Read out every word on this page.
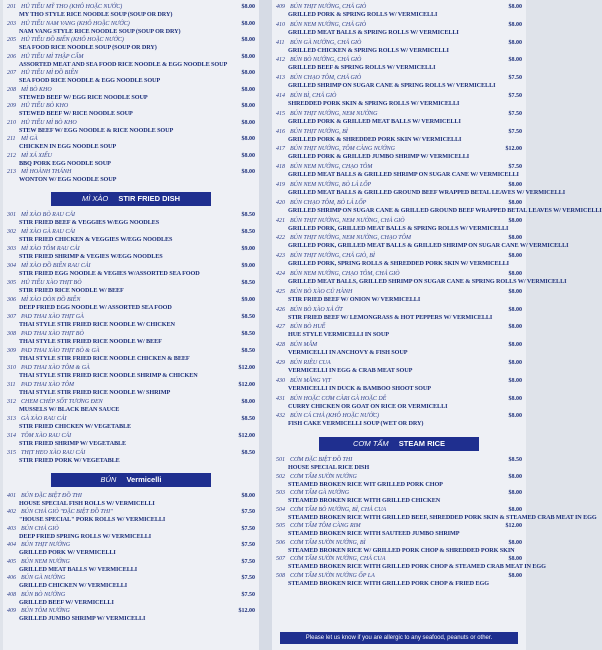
201 HỦ TIẾU MỸ THO (KHÔ HOẶC NƯỚC)
MY THO STYLE RICE NOODLE SOUP (SOUP OR DRY)
$8.00
203 HỦ TIẾU NAM VANG (KHÔ HOẶC NƯỚC)
NAM VANG STYLE RICE NOODLE SOUP (SOUP OR DRY)
$8.00
205 HỦ TIẾU ĐỒ BIỂN (KHÔ HOẶC NƯỚC)
SEA FOOD RICE NOODLE SOUP (SOUP OR DRY)
$8.00
206 HỦ TIẾU MÌ THẬP CẨM
ASSORTED MEAT AND SEA FOOD RICE NOODLE & EGG NOODLE SOUP
$8.00
207 HỦ TIẾU MÌ ĐỒ BIỂN
SEA FOOD RICE NOODLE & EGG NOODLE SOUP
$8.00
208 MÌ BÒ KHO
STEWED BEEF W/ EGG RICE NOODLE SOUP
$8.00
209 HỦ TIẾU BÒ KHO
STEWED BEEF W/ RICE NOODLE SOUP
$8.00
210 HỦ TIẾU MÌ BÒ KHO
STEW BEEF W/ EGG NOODLE & RICE NOODLE SOUP
$8.00
211 MÌ GÀ
CHICKEN IN EGG NOODLE SOUP
$8.00
212 MÌ XÁ XIẾU
BBQ PORK EGG NOODLE SOUP
$8.00
213 MÌ HOÀNH THÁNH
WONTON W/ EGG NOODLE SOUP
$8.00
MÌ XÀO STIR FRIED DISH
301 MÌ XÀO BÒ RAU CẢI
STIR FRIED BEEF & VEGGIES W/EGG NOODLES
$8.50
302 MÌ XÀO GÀ RAU CẢI
STIR FRIED CHICKEN & VEGGIES W/EGG NOODLES
$8.50
303 MÌ XÀO TÔM RAU CẢI
STIR FRIED SHRIMP & VEGIES W/EGG NOODLES
$9.00
304 MÌ XÀO ĐỒ BIỂN RAU CẢI
STIR FRIED EGG NOODLE & VEGIES W/ASSORTED SEA FOOD
$9.00
305 HỦ TIẾU XÀO THỊT BÒ
STIR FRIED RICE NOODLE W/ BEEF
$8.50
306 MÌ XÀO DÒN ĐỒ BIỂN
DEEP FRIED EGG NOODLE W/ ASSORTED SEA FOOD
$9.00
307 PAD THAI XÀO THỊT GÀ
THAI STYLE STIR FRIED RICE NOODLE W/ CHICKEN
$8.50
308 PAD THAI XÀO THỊT BÒ
THAI STYLE STIR FRIED RICE NOODLE W/ BEEF
$8.50
309 PAD THAI XÀO THỊT BÒ & GÀ
THAI STYLE STIR FRIED RICE NOODLE CHICKEN & BEEF
$8.50
310 PAD THAI XÀO TÔM & GÀ
THAI STYLE STIR FRIED RICE NOODLE SHRIMP & CHICKEN
$12.00
311 PAD THAI XÀO TÔM
THAI STYLE STIR FRIED RICE NOODLE W/ SHRIMP
$12.00
312 CHEM CHÉP SỐT TƯƠNG ĐEN
MUSSELS W/ BLACK BEAN SAUCE
$8.00
313 GÀ XÀO RAU CẢI
STIR FRIED CHICKEN W/ VEGETABLE
$8.50
314 TÔM XÀO RAU CẢI
STIR FRIED SHRIMP W/ VEGETABLE
$12.00
315 THỊT HEO XÀO RAU CẢI
STIR FRIED PORK W/ VEGETABLE
$8.50
BÚN Vermicelli
401 BÚN ĐẶC BIỆT ĐỒ THI
HOUSE SPECIAL FISH ROLLS W/ VERMICELLI
$8.00
402 BÚN CHẢ GIÒ "ĐẶC BIỆT ĐỒ THI"
"HOUSE SPECIAL" PORK ROLLS W/ VERMICELLI
$7.50
403 BÚN CHẢ GIÒ
DEEP FRIED SPRING ROLLS W/ VERMICELLI
$7.50
404 BÚN THỊT NƯỚNG
GRILLED PORK W/ VERMICELLI
$7.50
405 BÚN NEM NƯỚNG
GRILLED MEAT BALLS W/ VERMICELLI
$7.50
406 BÚN GÀ NƯỚNG
GRILLED CHICKEN W/ VERMICELLI
$7.50
408 BÚN BÒ NƯỚNG
GRILLED BEEF W/ VERMICELLI
$7.50
409 BÚN TÔM NƯỚNG
GRILLED JUMBO SHRIMP W/ VERMICELLI
$12.00
409 BÚN THỊT NƯỚNG, CHẢ GIÒ
GRILLED PORK & SPRING ROLLS W/ VERMICELLI
$8.00
410 BÚN NEM NƯỚNG, CHẢ GIÒ
GRILLED MEAT BALLS & SPRING ROLLS W/ VERMICELLI
$8.00
411 BÚN GÀ NƯỚNG, CHẢ GIÒ
GRILLED CHICKEN & SPRING ROLLS W/ VERMICELLI
$8.00
412 BÚN BÒ NƯỚNG, CHẢ GIÒ
GRILLED BEEF & SPRING ROLLS W/ VERMICELLI
$8.00
413 BÚN CHẠO TÔM, CHẢ GIÒ
GRILLED SHRIMP ON SUGAR CANE & SPRING ROLLS W/ VERMICELLI
$7.50
414 BÚN BÌ, CHẢ GIÒ
SHREDDED PORK SKIN & SPRING ROLLS W/ VERMICELLI
$7.50
415 BÚN THỊT NƯỚNG, NEM NƯỚNG
GRILLED PORK & GRILLED MEAT BALLS W/ VERMICELLI
$7.50
416 BÚN THỊT NƯỚNG, BÌ
GRILLED PORK & SHREDDED PORK SKIN W/ VERMICELLI
$7.50
417 BÚN THỊT NƯỚNG, TÔM CÀNG NƯỚNG
GRILLED PORK & GRILLED JUMBO SHRIMP W/ VERMICELLI
$12.00
418 BÚN NEM NƯỚNG, CHẠO TÔM
GRILLED MEAT BALLS & GRILLED SHRIMP ON SUGAR CANE W/ VERMICELLI
$7.50
419 BÚN NEM NƯỚNG, BÒ LÁ LỐP
GRILLED MEAT BALLS & GRILLED GROUND BEEF WRAPPED BETAL LEAVES W/ VERMICELLI
$8.00
420 BÚN CHẠO TÔM, BÒ LÁ LỐP
GRILLED SHRIMP ON SUGAR CANE & GRILLED GROUND BEEF WRAPPED BETAL LEAVES W/ VERMICELLI
$8.00
421 BÚN THỊT NƯỚNG, NEM NƯỚNG, CHẢ GIÒ
GRILLED PORK, GRILLED MEAT BALLS & SPRING ROLLS W/ VERMICELLI
$8.00
422 BÚN THỊT NƯỚNG, NEM NƯỚNG, CHẠO TÔM
GRILLED PORK, GRILLED MEAT BALLS & GRILLED SHRIMP ON SUGAR CANE W/ VERMICELLI
$8.00
423 BÚN THỊT NƯỚNG, CHẢ GIÒ, BÌ
GRILLED PORK, SPRING ROLLS & SHREDDED PORK SKIN W/ VERMICELLI
$8.00
424 BÚN NEM NƯỚNG, CHẠO TÔM, CHẢ GIÒ
GRILLED MEAT BALLS, GRILLED SHRIMP ON SUGAR CANE & SPRING ROLLS W/ VERMICELLI
$8.00
425 BÚN BÒ XÀO CỦ HÀNH
STIR FRIED BEEF W/ ONION W/ VERMICELLI
$8.00
426 BÚN BÒ XÀO XẢ ỚT
STIR FRIED BEEF W/ LEMONGRASS & HOT PEPPERS W/ VERMICELLI
$8.00
427 BÚN BÒ HUẾ
HUE STYLE VERMICELLI IN SOUP
$8.00
428 BÚN MẮM
VERMICELLI IN ANCHOVY & FISH SOUP
$8.00
429 BÚN RIÊU CUA
VERMICELLI IN EGG & CRAB MEAT SOUP
$8.00
430 BÚN MĂNG VỊT
VERMICELLI IN DUCK & BAMBOO SHOOT SOUP
$8.00
431 BÚN HOẶC CƠM CÀRI GÀ HOẶC DÊ
CURRY CHICKEN OR GOAT ON RICE OR VERMICELLI
$8.00
432 BÚN CÁ CHẢ (KHÔ HOẶC NƯỚC)
FISH CAKE VERMICELLI SOUP (WET OR DRY)
$8.00
CƠM TẤM STEAM RICE
501 CƠM ĐẶC BIỆT ĐỒ THI
HOUSE SPECIAL RICE DISH
$8.50
502 CƠM TẤM SƯỜN NƯỚNG
STEAMED BROKEN RICE WIT GRILLED PORK CHOP
$8.00
503 CƠM TẤM GÀ NƯỚNG
STEAMED BROKEN RICE WITH GRILLED CHICKEN
$8.00
504 CƠM TẤM BÒ NƯỚNG, BÌ, CHẢ CUA
STEAMED BROKEN RICE WITH GRILLED BEEF, SHREDDED PORK SKIN & STEAMED CRAB MEAT IN EGG
$8.00
505 CƠM TẤM TÔM CÀNG RIM
STEAMED BROKEN RICE WITH SAUTEED JUMBO SHRIMP
$12.00
506 CƠM TẤM SƯỜN NƯỚNG, BÌ
STEAMED BROKEN RICE W/ GRILLED PORK CHOP & SHREDDED PORK SKIN
$8.00
507 CƠM TẤM SƯỜN NƯỚNG, CHẢ CUA
STEAMED BROKEN RICE WITH GRILLED PORK CHOP & STEAMED CRAB MEAT IN EGG
$8.00
508 CƠM TẤM SƯỜN NƯỚNG ỐP LA
STEAMED BROKEN RICE WITH GRILLED PORK CHOP & FRIED EGG
$8.00
Please let us know if you are allergic to any seafood, peanuts or other.
